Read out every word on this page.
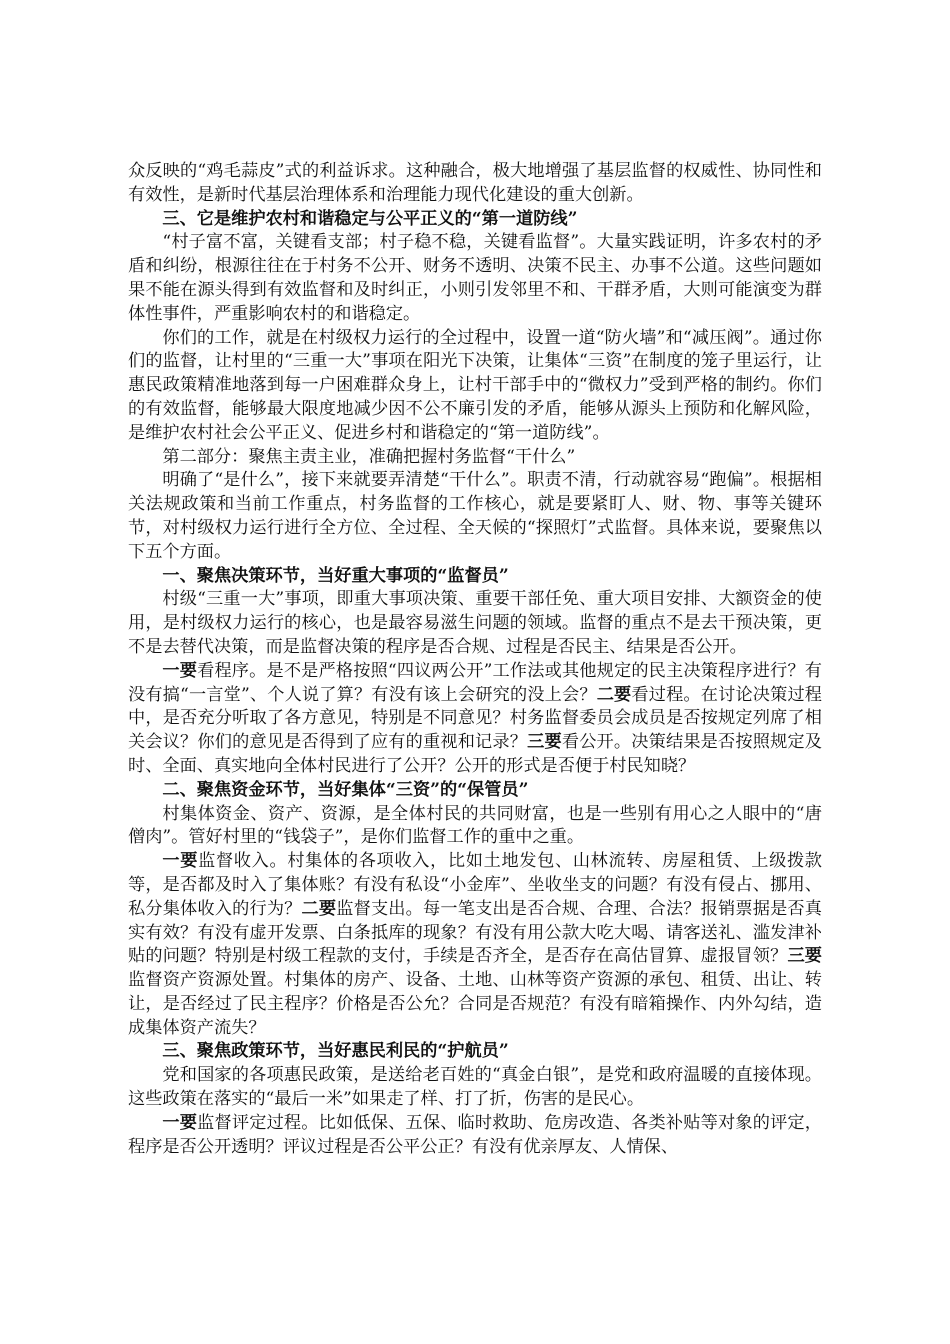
众反映的“鸡毛蒜皮”式的利益诉求。这种融合，极大地增强了基层监督的权威性、协同性和有效性，是新时代基层治理体系和治理能力现代化建设的重大创新。

三、它是维护农村和谐稳定与公平正义的“第一道防线”

“村子富不富，关键看支部；村子稳不稳，关键看监督”。大量实践证明，许多农村的矛盾和纠纷，根源往往在于村务不公开、财务不透明、决策不民主、办事不公道。这些问题如果不能在源头得到有效监督和及时纠正，小则引发邻里不和、干群矛盾，大则可能演变为群体性事件，严重影响农村的和谐稳定。

你们的工作，就是在村级权力运行的全过程中，设置一道“防火墙”和“减压阀”。通过你们的监督，让村里的“三重一大”事项在阳光下决策，让集体“三资”在制度的笼子里运行，让惠民政策精准地落到每一户困难群众身上，让村干部手中的“微权力”受到严格的制约。你们的有效监督，能够最大限度地减少因不公不廉引发的矛盾，能够从源头上预防和化解风险，是维护农村社会公平正义、促进乡村和谐稳定的“第一道防线”。

第二部分：聚焦主责主业，准确把握村务监督“干什么”

明确了“是什么”，接下来就要弄清楚“干什么”。职责不清，行动就容易“跑偏”。根据相关法规政策和当前工作重点，村务监督的工作核心，就是要紧盯人、财、物、事等关键环节，对村级权力运行进行全方位、全过程、全天候的“探照灯”式监督。具体来说，要聚焦以下五个方面。

一、聚焦决策环节，当好重大事项的“监督员”

村级“三重一大”事项，即重大事项决策、重要干部任免、重大项目安排、大额资金的使用，是村级权力运行的核心，也是最容易滋生问题的领域。监督的重点不是去干预决策，更不是去替代决策，而是监督决策的程序是否合规、过程是否民主、结果是否公开。

一要看程序。是不是严格按照“四议两公开”工作法或其他规定的民主决策程序进行？有没有搞“一言堂”、个人说了算？有没有该上会研究的没上会？二要看过程。在讨论决策过程中，是否充分听取了各方意见，特别是不同意见？村务监督委员会成员是否按规定列席了相关会议？你们的意见是否得到了应有的重视和记录？三要看公开。决策结果是否按照规定及时、全面、真实地向全体村民进行了公开？公开的形式是否便于村民知晓？

二、聚焦资金环节，当好集体“三资”的“保管员”

村集体资金、资产、资源，是全体村民的共同财富，也是一些别有用心之人眼中的“唐僧肉”。管好村里的“钱袋子”，是你们监督工作的重中之重。

一要监督收入。村集体的各项收入，比如土地发包、山林流转、房屋租赁、上级拨款等，是否都及时入了集体账？有没有私设“小金库”、坐收坐支的问题？有没有侵占、挪用、私分集体收入的行为？二要监督支出。每一笔支出是否合规、合理、合法？报销票据是否真实有效？有没有虚开发票、白条抵库的现象？有没有用公款大吃大喝、请客送礼、滥发津补贴的问题？特别是村级工程款的支付，手续是否齐全，是否存在高估冒算、虚报冒领？三要监督资产资源处置。村集体的房产、设备、土地、山林等资产资源的承包、租赁、出让、转让，是否经过了民主程序？价格是否公允？合同是否规范？有没有暗箱操作、内外勾结，造成集体资产流失？

三、聚焦政策环节，当好惠民利民的“护航员”

党和国家的各项惠民政策，是送给老百姓的“真金白银”，是党和政府温暖的直接体现。这些政策在落实的“最后一米”如果走了样、打了折，伤害的是民心。

一要监督评定过程。比如低保、五保、临时救助、危房改造、各类补贴等对象的评定，程序是否公开透明？评议过程是否公平公正？有没有优亲厚友、人情保、
